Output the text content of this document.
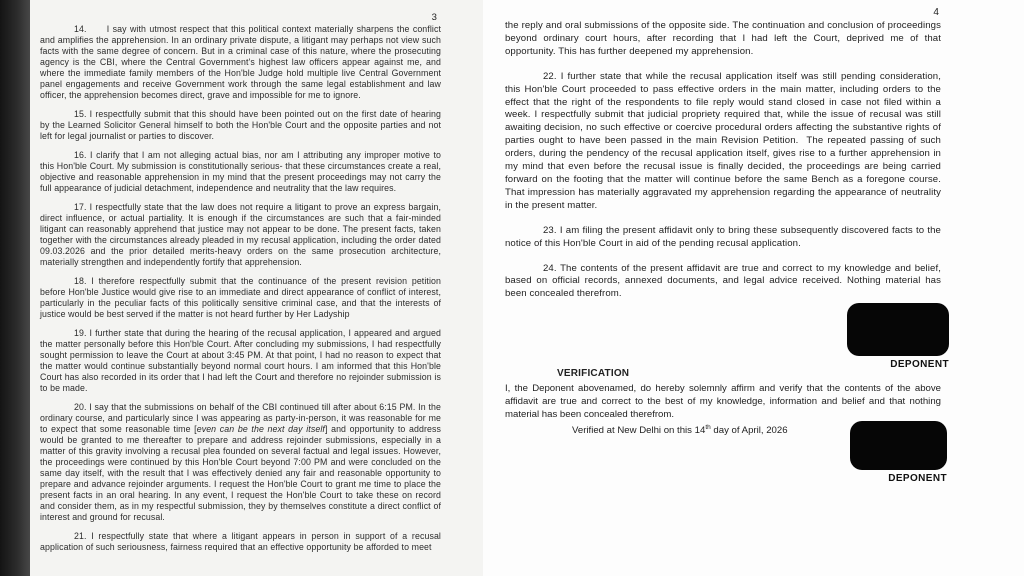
3

14.      I say with utmost respect that this political context materially sharpens the conflict and amplifies the apprehension. In an ordinary private dispute, a litigant may perhaps not view such facts with the same degree of concern. But in a criminal case of this nature, where the prosecuting agency is the CBI, where the Central Government's highest law officers appear against me, and where the immediate family members of the Hon'ble Judge hold multiple live Central Government panel engagements and receive Government work through the same legal establishment and law officer, the apprehension becomes direct, grave and impossible for me to ignore.

15. I respectfully submit that this should have been pointed out on the first date of hearing by the Learned Solicitor General himself to both the Hon'ble Court and the opposite parties and not left for legal journalist or parties to discover.

16. I clarify that I am not alleging actual bias, nor am I attributing any improper motive to this Hon'ble Court. My submission is constitutionally serious- that these circumstances create a real, objective and reasonable apprehension in my mind that the present proceedings may not carry the full appearance of judicial detachment, independence and neutrality that the law requires.

17. I respectfully state that the law does not require a litigant to prove an express bargain, direct influence, or actual partiality. It is enough if the circumstances are such that a fair-minded litigant can reasonably apprehend that justice may not appear to be done. The present facts, taken together with the circumstances already pleaded in my recusal application, including the order dated 09.03.2026 and the prior detailed merits-heavy orders on the same prosecution architecture, materially strengthen and independently fortify that apprehension.

18. I therefore respectfully submit that the continuance of the present revision petition before Hon'ble Justice would give rise to an immediate and direct appearance of conflict of interest, particularly in the peculiar facts of this politically sensitive criminal case, and that the interests of justice would be best served if the matter is not heard further by Her Ladyship

19. I further state that during the hearing of the recusal application, I appeared and argued the matter personally before this Hon'ble Court. After concluding my submissions, I had respectfully sought permission to leave the Court at about 3:45 PM. At that point, I had no reason to expect that the matter would continue substantially beyond normal court hours. I am informed that this Hon'ble Court has also recorded in its order that I had left the Court and therefore no rejoinder submission is to be made.

20. I say that the submissions on behalf of the CBI continued till after about 6:15 PM. In the ordinary course, and particularly since I was appearing as party-in-person, it was reasonable for me to expect that some reasonable time [even can be the next day itself] and opportunity to address would be granted to me thereafter to prepare and address rejoinder submissions, especially in a matter of this gravity involving a recusal plea founded on several factual and legal issues. However, the proceedings were continued by this Hon'ble Court beyond 7:00 PM and were concluded on the same day itself, with the result that I was effectively denied any fair and reasonable opportunity to prepare and advance rejoinder arguments. I request the Hon'ble Court to grant me time to place the present facts in an oral hearing. In any event, I request the Hon'ble Court to take these on record and consider them, as in my respectful submission, they by themselves constitute a direct conflict of interest and ground for recusal.

21. I respectfully state that where a litigant appears in person in support of a recusal application of such seriousness, fairness required that an effective opportunity be afforded to meet

4

the reply and oral submissions of the opposite side. The continuation and conclusion of proceedings beyond ordinary court hours, after recording that I had left the Court, deprived me of that opportunity. This has further deepened my apprehension.

22. I further state that while the recusal application itself was still pending consideration, this Hon'ble Court proceeded to pass effective orders in the main matter, including orders to the effect that the right of the respondents to file reply would stand closed in case not filed within a week. I respectfully submit that judicial propriety required that, while the issue of recusal was still awaiting decision, no such effective or coercive procedural orders affecting the substantive rights of parties ought to have been passed in the main Revision Petition.  The repeated passing of such orders, during the pendency of the recusal application itself, gives rise to a further apprehension in my mind that even before the recusal issue is finally decided, the proceedings are being carried forward on the footing that the matter will continue before the same Bench as a foregone course. That impression has materially aggravated my apprehension regarding the appearance of neutrality in the present matter.

23. I am filing the present affidavit only to bring these subsequently discovered facts to the notice of this Hon'ble Court in aid of the pending recusal application.

24. The contents of the present affidavit are true and correct to my knowledge and belief, based on official records, annexed documents, and legal advice received. Nothing material has been concealed therefrom.

DEPONENT
VERIFICATION
I, the Deponent abovenamed, do hereby solemnly affirm and verify that the contents of the above affidavit are true and correct to the best of my knowledge, information and belief and that nothing material has been concealed therefrom.
Verified at New Delhi on this 14th day of April, 2026
DEPONENT
